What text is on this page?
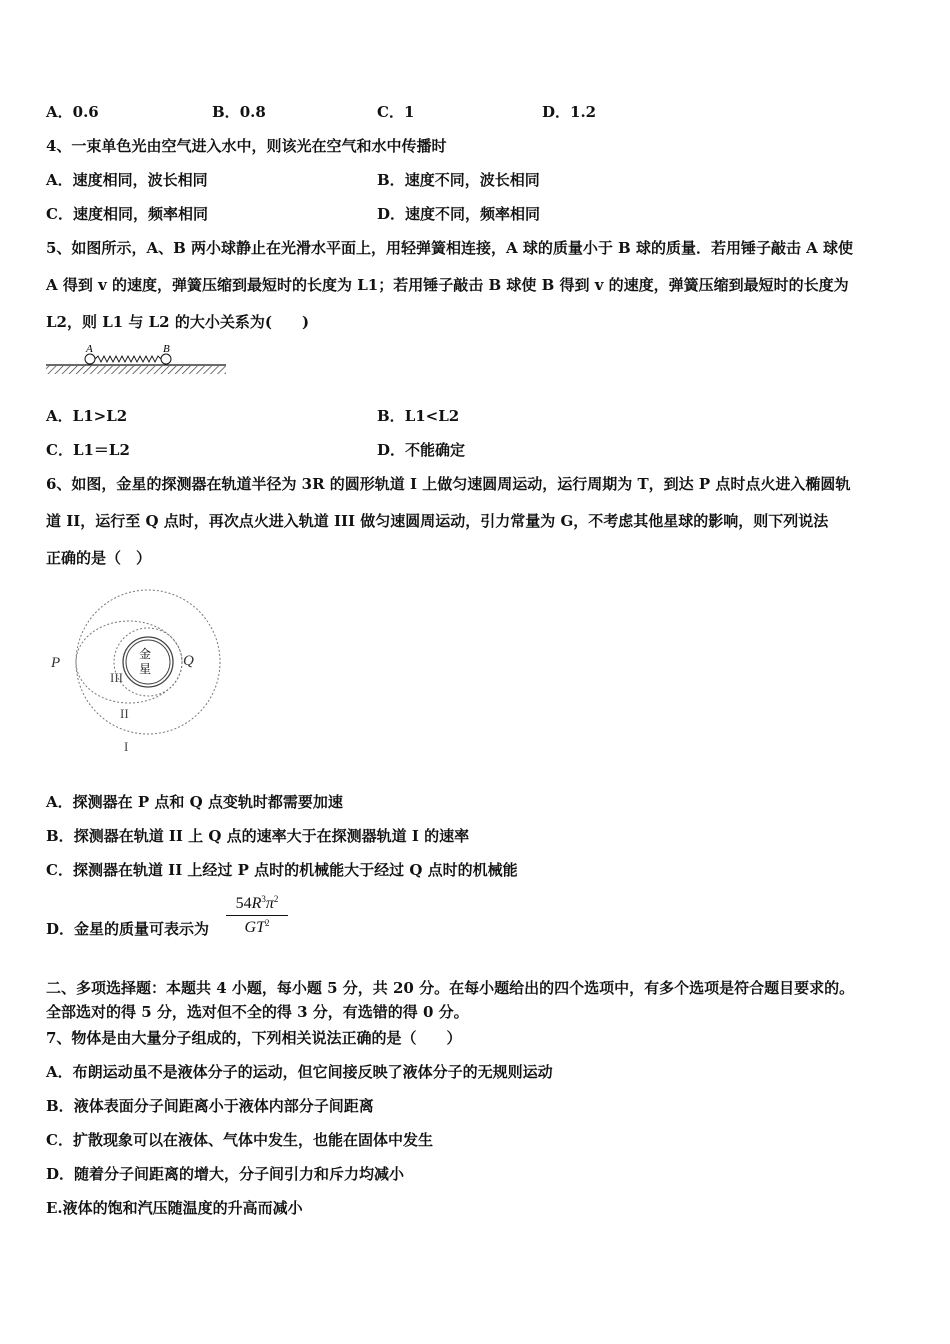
A．0.6	B．0.8	C．1	D．1.2
4、一束单色光由空气进入水中，则该光在空气和水中传播时
A．速度相同，波长相同	B．速度不同，波长相同
C．速度相同，频率相同	D．速度不同，频率相同
5、如图所示，A、B 两小球静止在光滑水平面上，用轻弹簧相连接，A 球的质量小于 B 球的质量．若用锤子敲击 A 球使
A 得到 v 的速度，弹簧压缩到最短时的长度为 L1；若用锤子敲击 B 球使 B 得到 v 的速度，弹簧压缩到最短时的长度为
L2，则 L1 与 L2 的大小关系为(　　)
A	B
A．L1>L2	B．L1<L2
C．L1＝L2	D．不能确定
6、如图，金星的探测器在轨道半径为 3R 的圆形轨道 I 上做匀速圆周运动，运行周期为 T，到达 P 点时点火进入椭圆轨
道 II，运行至 Q 点时，再次点火进入轨道 III 做匀速圆周运动，引力常量为 G，不考虑其他星球的影响，则下列说法
正确的是（　）
金
星
P	Q
III
II
I
A．探测器在 P 点和 Q 点变轨时都需要加速
B．探测器在轨道 II 上 Q 点的速率大于在探测器轨道 I 的速率
C．探测器在轨道 II 上经过 P 点时的机械能大于经过 Q 点时的机械能
D．金星的质量可表示为 $\frac{54R^3\pi^2}{GT^2}$
二、多项选择题：本题共 4 小题，每小题 5 分，共 20 分。在每小题给出的四个选项中，有多个选项是符合题目要求的。
全部选对的得 5 分，选对但不全的得 3 分，有选错的得 0 分。
7、物体是由大量分子组成的，下列相关说法正确的是（　　）
A．布朗运动虽不是液体分子的运动，但它间接反映了液体分子的无规则运动
B．液体表面分子间距离小于液体内部分子间距离
C．扩散现象可以在液体、气体中发生，也能在固体中发生
D．随着分子间距离的增大，分子间引力和斥力均减小
E.液体的饱和汽压随温度的升高而减小
